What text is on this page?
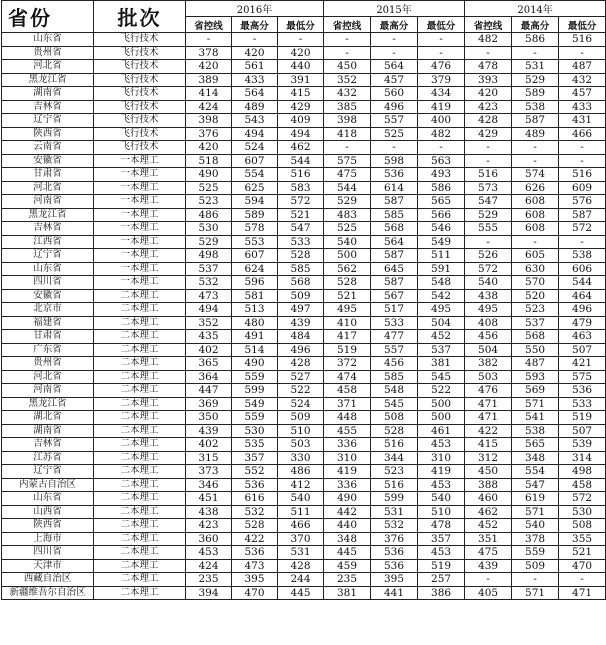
省份	批次	2016年			2015年			2014年		
		省控线	最高分	最低分	省控线	最高分	最低分	省控线	最高分	最低分
山东省	飞行技术	-	-	-	-	-	-	482	586	516
贵州省	飞行技术	378	420	420	-	-	-	-	-	-
河北省	飞行技术	420	561	440	450	564	476	478	531	487
黑龙江省	飞行技术	389	433	391	352	457	379	393	529	432
湖南省	飞行技术	414	564	415	432	560	434	420	589	457
吉林省	飞行技术	424	489	429	385	496	419	423	538	433
辽宁省	飞行技术	398	543	409	398	557	400	428	587	431
陕西省	飞行技术	376	494	494	418	525	482	429	489	466
云南省	飞行技术	420	524	462	-	-	-	-	-	-
安徽省	一本理工	518	607	544	575	598	563	-	-	-
甘肃省	一本理工	490	554	516	475	536	493	516	574	516
河北省	一本理工	525	625	583	544	614	586	573	626	609
河南省	一本理工	523	594	572	529	587	565	547	608	576
黑龙江省	一本理工	486	589	521	483	585	566	529	608	587
吉林省	一本理工	530	578	547	525	568	546	555	608	572
江西省	一本理工	529	553	533	540	564	549	-	-	-
辽宁省	一本理工	498	607	528	500	587	511	526	605	538
山东省	一本理工	537	624	585	562	645	591	572	630	606
四川省	一本理工	532	596	568	528	587	548	540	570	544
安徽省	二本理工	473	581	509	521	567	542	438	520	464
北京市	二本理工	494	513	497	495	517	495	495	523	496
福建省	二本理工	352	480	439	410	533	504	408	537	479
甘肃省	二本理工	435	491	484	417	477	452	456	568	463
广东省	二本理工	402	514	496	519	557	537	504	550	507
贵州省	二本理工	365	490	428	372	456	381	382	487	421
河北省	二本理工	364	559	527	474	585	545	503	593	575
河南省	二本理工	447	599	522	458	548	522	476	569	536
黑龙江省	二本理工	369	549	524	371	545	500	471	571	533
湖北省	二本理工	350	559	509	448	508	500	471	541	519
湖南省	二本理工	439	530	510	455	528	461	422	538	507
吉林省	二本理工	402	535	503	336	516	453	415	565	539
江苏省	二本理工	315	357	330	310	344	310	312	348	314
辽宁省	二本理工	373	552	486	419	523	419	450	554	498
内蒙古自治区	二本理工	346	536	412	336	516	453	388	547	458
山东省	二本理工	451	616	540	490	599	540	460	619	572
山西省	二本理工	438	532	511	442	531	510	462	571	530
陕西省	二本理工	423	528	466	440	532	478	452	540	508
上海市	二本理工	360	422	370	348	376	357	351	378	355
四川省	二本理工	453	536	531	445	536	453	475	559	521
天津市	二本理工	424	473	428	459	536	519	439	509	470
西藏自治区	二本理工	235	395	244	235	395	257	-	-	-
新疆维吾尔自治区	二本理工	394	470	445	381	441	386	405	571	471
